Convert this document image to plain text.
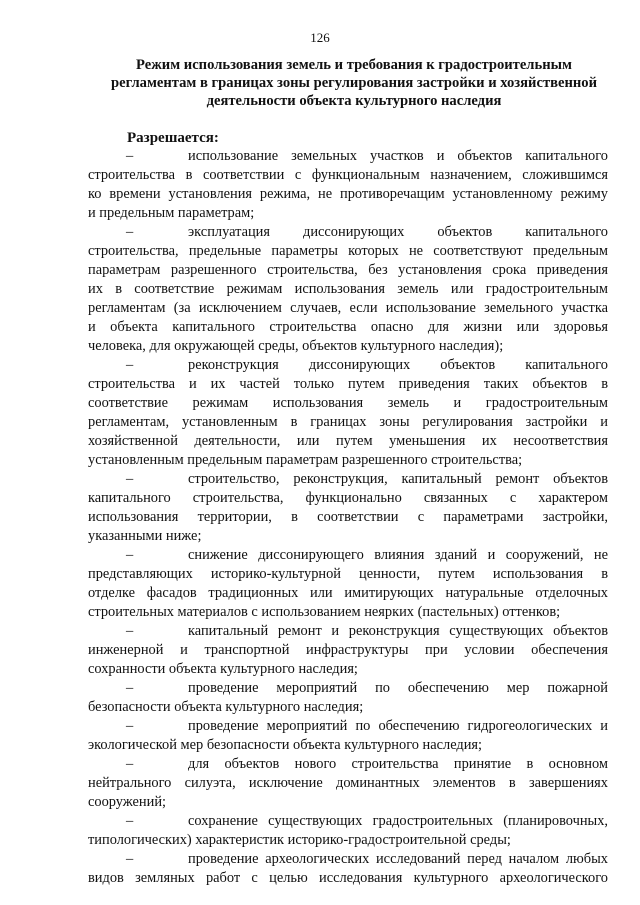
126
Режим использования земель и требования к градостроительным
регламентам в границах зоны регулирования застройки и хозяйственной
деятельности объекта культурного наследия
Разрешается:
–	использование земельных участков и объектов капитального
строительства в соответствии с функциональным назначением, сложившимся
ко времени установления режима, не противоречащим установленному режиму
и предельным параметрам;
–	эксплуатация диссонирующих объектов капитального
строительства, предельные параметры которых не соответствуют предельным
параметрам разрешенного строительства, без установления срока приведения
их в соответствие режимам использования земель или градостроительным
регламентам (за исключением случаев, если использование земельного участка
и объекта капитального строительства опасно для жизни или здоровья
человека, для окружающей среды, объектов культурного наследия);
–	реконструкция диссонирующих объектов капитального
строительства и их частей только путем приведения таких объектов в
соответствие режимам использования земель и градостроительным
регламентам, установленным в границах зоны регулирования застройки и
хозяйственной деятельности, или путем уменьшения их несоответствия
установленным предельным параметрам разрешенного строительства;
–	строительство, реконструкция, капитальный ремонт объектов
капитального строительства, функционально связанных с характером
использования территории, в соответствии с параметрами застройки,
указанными ниже;
–	снижение диссонирующего влияния зданий и сооружений, не
представляющих историко-культурной ценности, путем использования в
отделке фасадов традиционных или имитирующих натуральные отделочных
строительных материалов с использованием неярких (пастельных) оттенков;
–	капитальный ремонт и реконструкция существующих объектов
инженерной и транспортной инфраструктуры при условии обеспечения
сохранности объекта культурного наследия;
–	проведение мероприятий по обеспечению мер пожарной
безопасности объекта культурного наследия;
–	проведение мероприятий по обеспечению гидрогеологических и
экологической мер безопасности объекта культурного наследия;
–	для объектов нового строительства принятие в основном
нейтрального силуэта, исключение доминантных элементов в завершениях
сооружений;
–	сохранение существующих градостроительных (планировочных,
типологических) характеристик историко-градостроительной среды;
–	проведение археологических исследований перед началом любых
видов земляных работ с целью исследования культурного археологического
